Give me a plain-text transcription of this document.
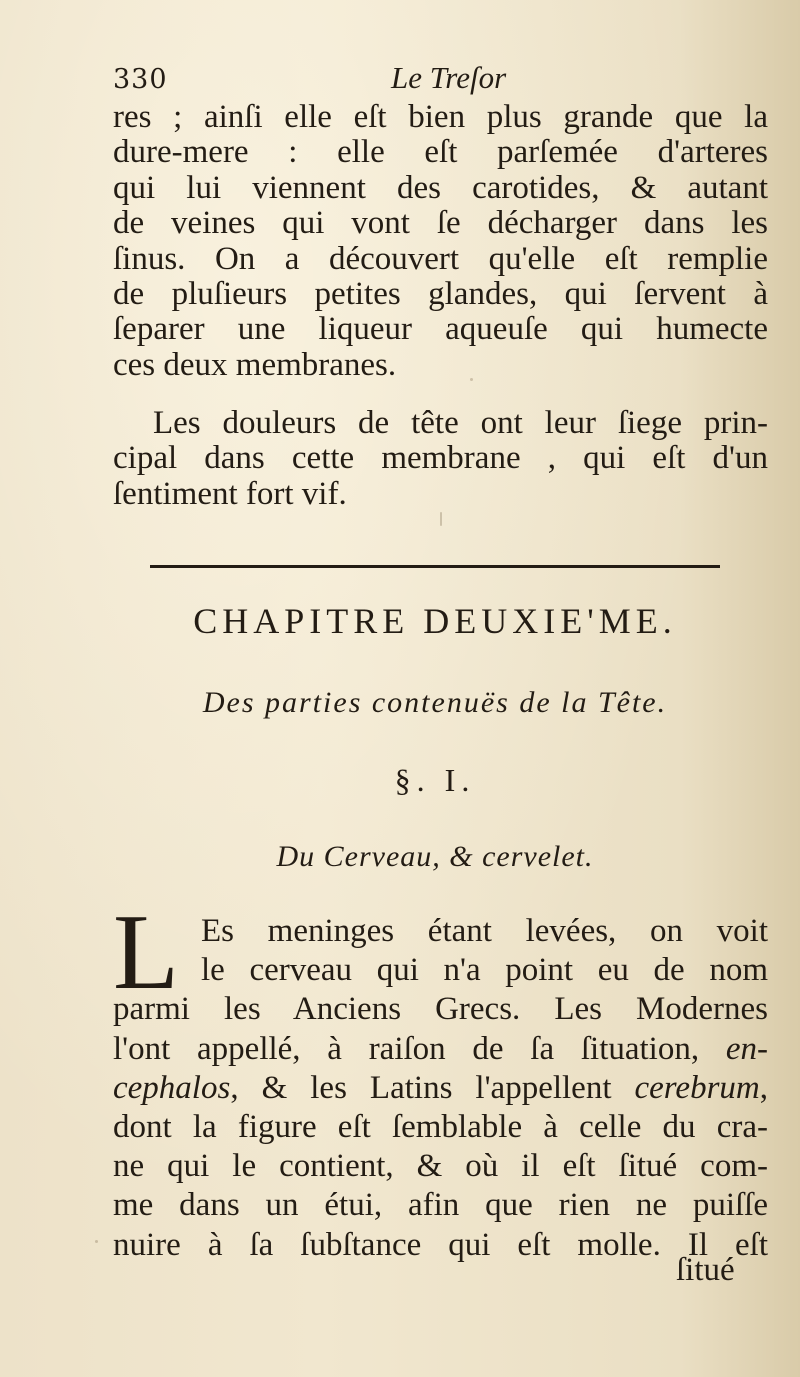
330	Le Treſor
res ; ainſi elle eſt bien plus grande que la
dure-mere : elle eſt parſemée d'arteres
qui lui viennent des carotides, & autant
de veines qui vont ſe décharger dans les
ſinus. On a découvert qu'elle eſt remplie
de pluſieurs petites glandes, qui ſervent à
ſeparer une liqueur aqueuſe qui humecte
ces deux membranes.
Les douleurs de tête ont leur ſiege prin-
cipal dans cette membrane , qui eſt d'un
ſentiment fort vif.
CHAPITRE DEUXIE'ME.
Des parties contenuës de la Tête.
§. I.
Du Cerveau, & cervelet.
L Es meninges étant levées, on voit
le cerveau qui n'a point eu de nom
parmi les Anciens Grecs. Les Modernes
l'ont appellé, à raiſon de ſa ſituation, en-
cephalos, & les Latins l'appellent cerebrum,
dont la figure eſt ſemblable à celle du cra-
ne qui le contient, & où il eſt ſitué com-
me dans un étui, afin que rien ne puiſſe
nuire à ſa ſubſtance qui eſt molle. Il eſt
ſitué
